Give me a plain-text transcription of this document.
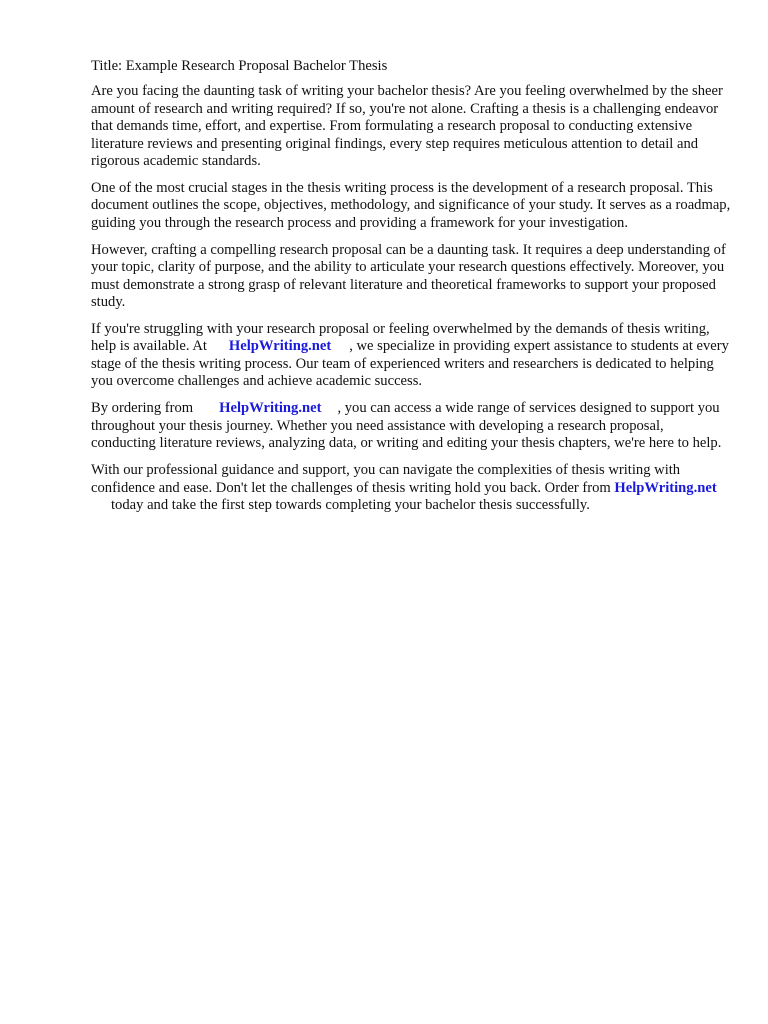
Title: Example Research Proposal Bachelor Thesis

Are you facing the daunting task of writing your bachelor thesis? Are you feeling overwhelmed by the sheer amount of research and writing required? If so, you're not alone. Crafting a thesis is a challenging endeavor that demands time, effort, and expertise. From formulating a research proposal to conducting extensive literature reviews and presenting original findings, every step requires meticulous attention to detail and rigorous academic standards.

One of the most crucial stages in the thesis writing process is the development of a research proposal. This document outlines the scope, objectives, methodology, and significance of your study. It serves as a roadmap, guiding you through the research process and providing a framework for your investigation.

However, crafting a compelling research proposal can be a daunting task. It requires a deep understanding of your topic, clarity of purpose, and the ability to articulate your research questions effectively. Moreover, you must demonstrate a strong grasp of relevant literature and theoretical frameworks to support your proposed study.

If you're struggling with your research proposal or feeling overwhelmed by the demands of thesis writing, help is available. At HelpWriting.net , we specialize in providing expert assistance to students at every stage of the thesis writing process. Our team of experienced writers and researchers is dedicated to helping you overcome challenges and achieve academic success.

By ordering from HelpWriting.net , you can access a wide range of services designed to support you throughout your thesis journey. Whether you need assistance with developing a research proposal, conducting literature reviews, analyzing data, or writing and editing your thesis chapters, we're here to help.

With our professional guidance and support, you can navigate the complexities of thesis writing with confidence and ease. Don't let the challenges of thesis writing hold you back. Order from HelpWriting.nettoday and take the first step towards completing your bachelor thesis successfully.
